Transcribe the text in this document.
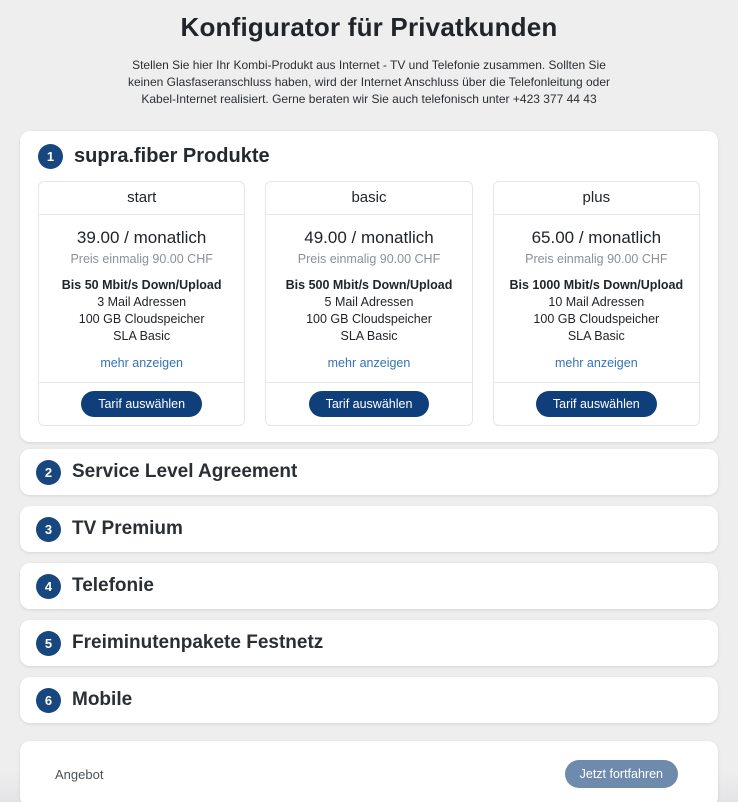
Konfigurator für Privatkunden
Stellen Sie hier Ihr Kombi-Produkt aus Internet - TV und Telefonie zusammen. Sollten Sie
keinen Glasfaseranschluss haben, wird der Internet Anschluss über die Telefonleitung oder
Kabel-Internet realisiert. Gerne beraten wir Sie auch telefonisch unter +423 377 44 43
1 supra.fiber Produkte
start
39.00 / monatlich
Preis einmalig 90.00 CHF
Bis 50 Mbit/s Down/Upload
3 Mail Adressen
100 GB Cloudspeicher
SLA Basic
mehr anzeigen
Tarif auswählen
basic
49.00 / monatlich
Preis einmalig 90.00 CHF
Bis 500 Mbit/s Down/Upload
5 Mail Adressen
100 GB Cloudspeicher
SLA Basic
mehr anzeigen
Tarif auswählen
plus
65.00 / monatlich
Preis einmalig 90.00 CHF
Bis 1000 Mbit/s Down/Upload
10 Mail Adressen
100 GB Cloudspeicher
SLA Basic
mehr anzeigen
Tarif auswählen
2	Service Level Agreement
3	TV Premium
4	Telefonie
5	Freiminutenpakete Festnetz
6	Mobile
Angebot	Jetzt fortfahren
